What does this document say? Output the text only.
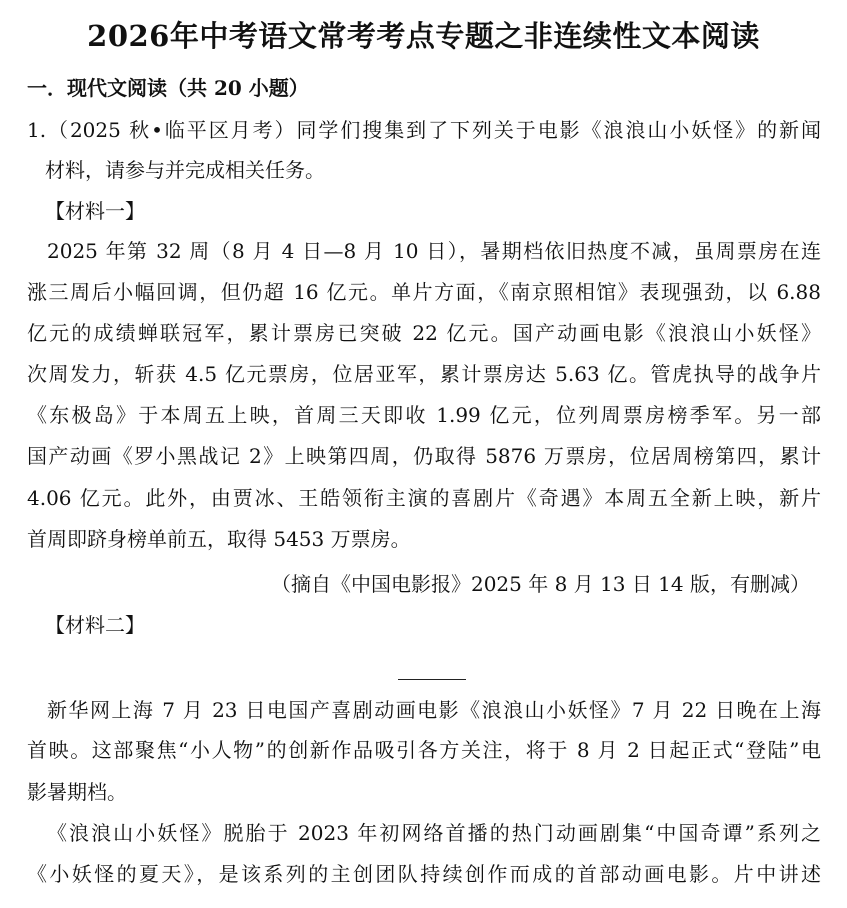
2026年中考语文常考考点专题之非连续性文本阅读
一．现代文阅读（共 20 小题）
1.（2025 秋•临平区月考）同学们搜集到了下列关于电影《浪浪山小妖怪》的新闻
材料，请参与并完成相关任务。
【材料一】
2025 年第 32 周（8 月 4 日—8 月 10 日），暑期档依旧热度不减，虽周票房在连
涨三周后小幅回调，但仍超 16 亿元。单片方面，《南京照相馆》表现强劲，以 6.88
亿元的成绩蝉联冠军，累计票房已突破 22 亿元。国产动画电影《浪浪山小妖怪》
次周发力，斩获 4.5 亿元票房，位居亚军，累计票房达 5.63 亿。管虎执导的战争片
《东极岛》于本周五上映，首周三天即收 1.99 亿元，位列周票房榜季军。另一部
国产动画《罗小黑战记 2》上映第四周，仍取得 5876 万票房，位居周榜第四，累计
4.06 亿元。此外，由贾冰、王皓领衔主演的喜剧片《奇遇》本周五全新上映，新片
首周即跻身榜单前五，取得 5453 万票房。
（摘自《中国电影报》2025 年 8 月 13 日 14 版，有删减）
【材料二】
新华网上海 7 月 23 日电国产喜剧动画电影《浪浪山小妖怪》7 月 22 日晚在上海
首映。这部聚焦“小人物”的创新作品吸引各方关注，将于 8 月 2 日起正式“登陆”电
影暑期档。
《浪浪山小妖怪》脱胎于 2023 年初网络首播的热门动画剧集“中国奇谭”系列之
《小妖怪的夏天》，是该系列的主创团队持续创作而成的首部动画电影。片中讲述
